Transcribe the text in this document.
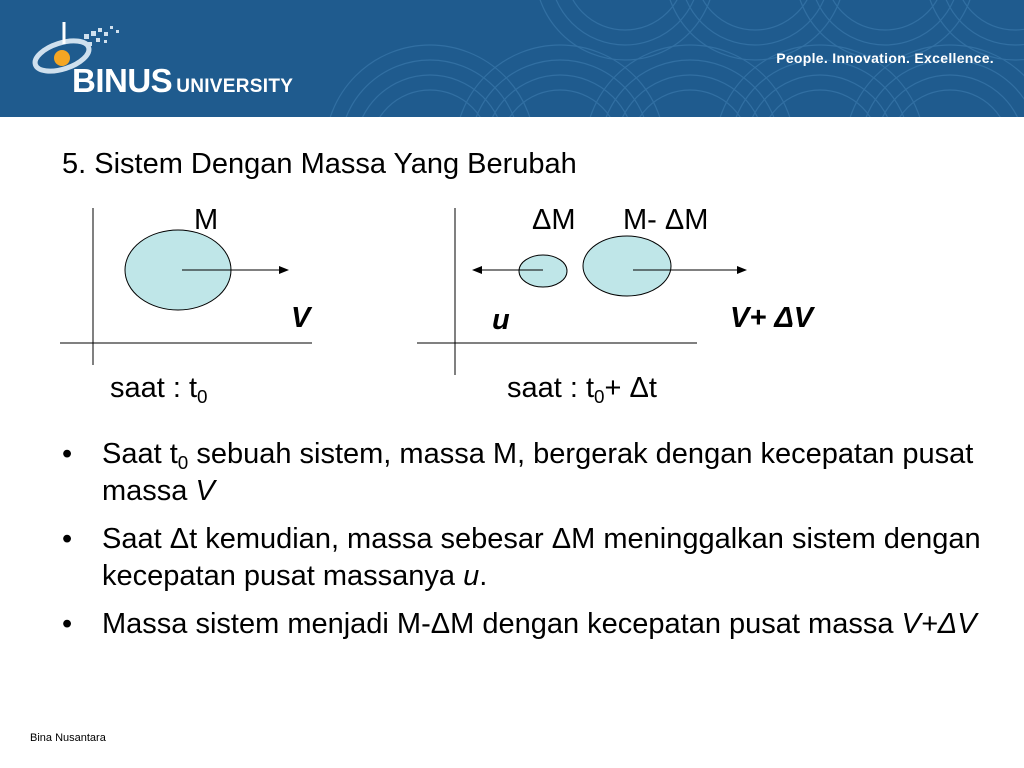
BINUS UNIVERSITY
People. Innovation. Excellence.
5. Sistem Dengan Massa Yang Berubah
M	ΔM M- ΔM
V	u	V+ ΔV
saat : $t_0$	saat : $t_0+ \Delta t$
• Saat $t_0$ sebuah sistem, massa M, bergerak dengan kecepatan pusat massa V
• Saat Δt kemudian, massa sebesar ΔM meninggalkan sistem dengan kecepatan pusat massanya u.
• Massa sistem menjadi M-ΔM dengan kecepatan pusat massa V+ΔV
Bina Nusantara
